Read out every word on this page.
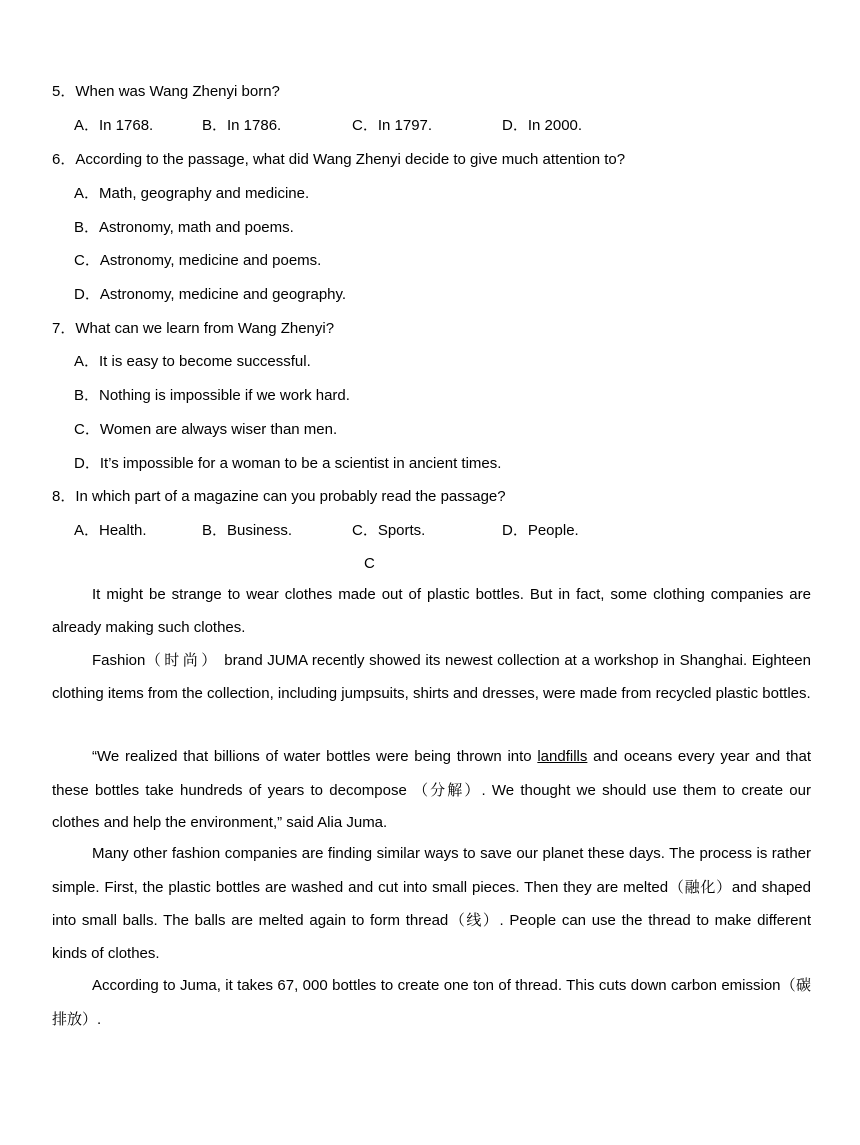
5．When was Wang Zhenyi born?
A．In 1768.	B．In 1786.	C．In 1797.	D．In 2000.
6．According to the passage, what did Wang Zhenyi decide to give much attention to?
A．Math, geography and medicine.
B．Astronomy, math and poems.
C．Astronomy, medicine and poems.
D．Astronomy, medicine and geography.
7．What can we learn from Wang Zhenyi?
A．It is easy to become successful.
B．Nothing is impossible if we work hard.
C．Women are always wiser than men.
D．It’s impossible for a woman to be a scientist in ancient times.
8．In which part of a magazine can you probably read the passage?
A．Health.	B．Business.	C．Sports.	D．People.
C

It might be strange to wear clothes made out of plastic bottles. But in fact, some clothing companies are already making such clothes.

Fashion（时尚） brand JUMA recently showed its newest collection at a workshop in Shanghai. Eighteen clothing items from the collection, including jumpsuits, shirts and dresses, were made from recycled plastic bottles.

“We realized that billions of water bottles were being thrown into landfills and oceans every year and that these bottles take hundreds of years to decompose （分解）. We thought we should use them to create our clothes and help the environment,” said Alia Juma.

Many other fashion companies are finding similar ways to save our planet these days. The process is rather simple. First, the plastic bottles are washed and cut into small pieces. Then they are melted（融化）and shaped into small balls. The balls are melted again to form thread（线）. People can use the thread to make different kinds of clothes.

According to Juma, it takes 67, 000 bottles to create one ton of thread. This cuts down carbon emission（碳排放）.
